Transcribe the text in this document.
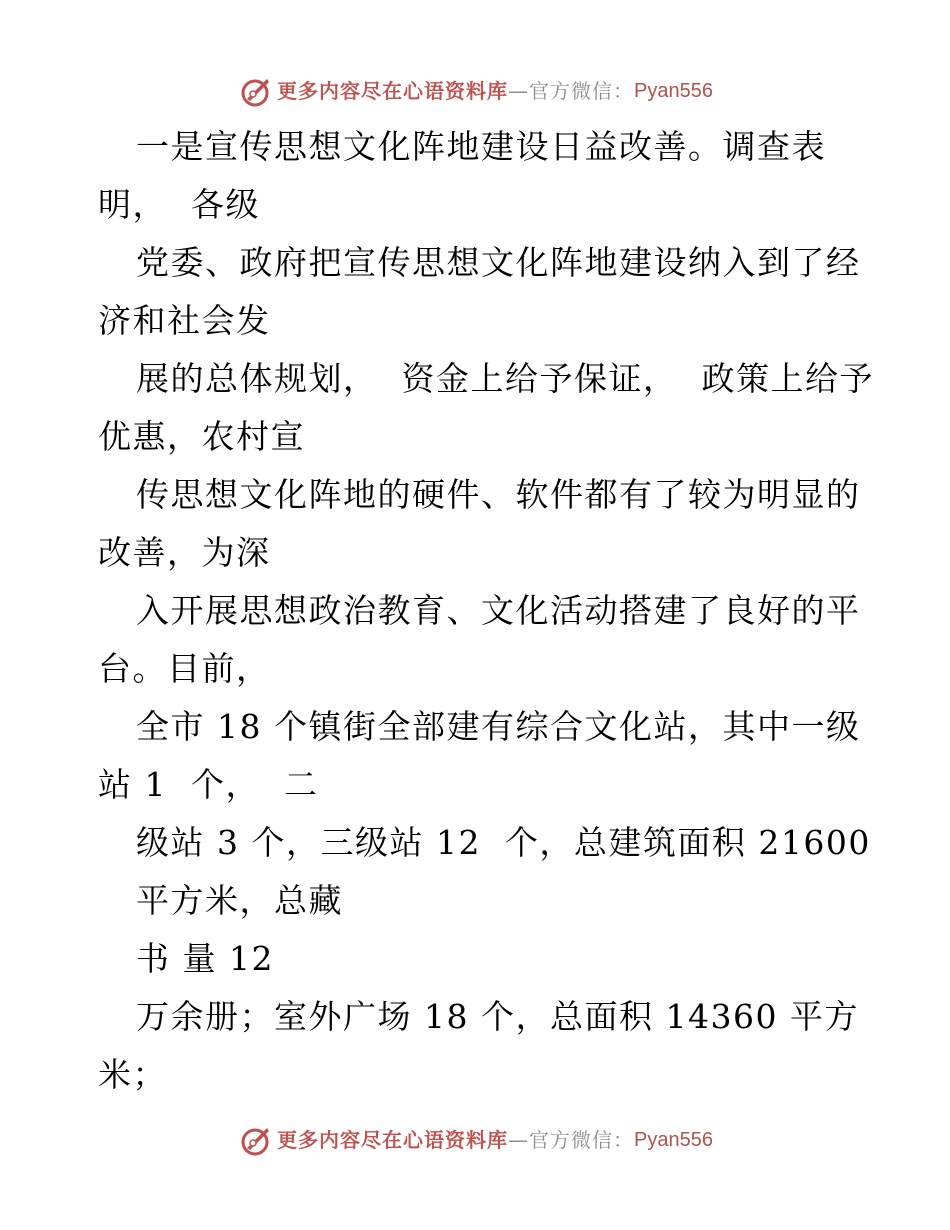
更多内容尽在心语资料库 — 官方微信： Pyan556
一是宣传思想文化阵地建设日益改善。调查表
明，  各级
党委、政府把宣传思想文化阵地建设纳入到了经
济和社会发
展的总体规划，  资金上给予保证，  政策上给予
优惠，农村宣
传思想文化阵地的硬件、软件都有了较为明显的
改善，为深
入开展思想政治教育、文化活动搭建了良好的平
台。目前，
全市 18 个镇街全部建有综合文化站，其中一级
站 1  个，  二
级站 3 个，三级站 12  个，总建筑面积 21600
平方米，总藏
书 量 12
万余册；室外广场 18 个，总面积 14360 平方
米；
更多内容尽在心语资料库 — 官方微信： Pyan556
